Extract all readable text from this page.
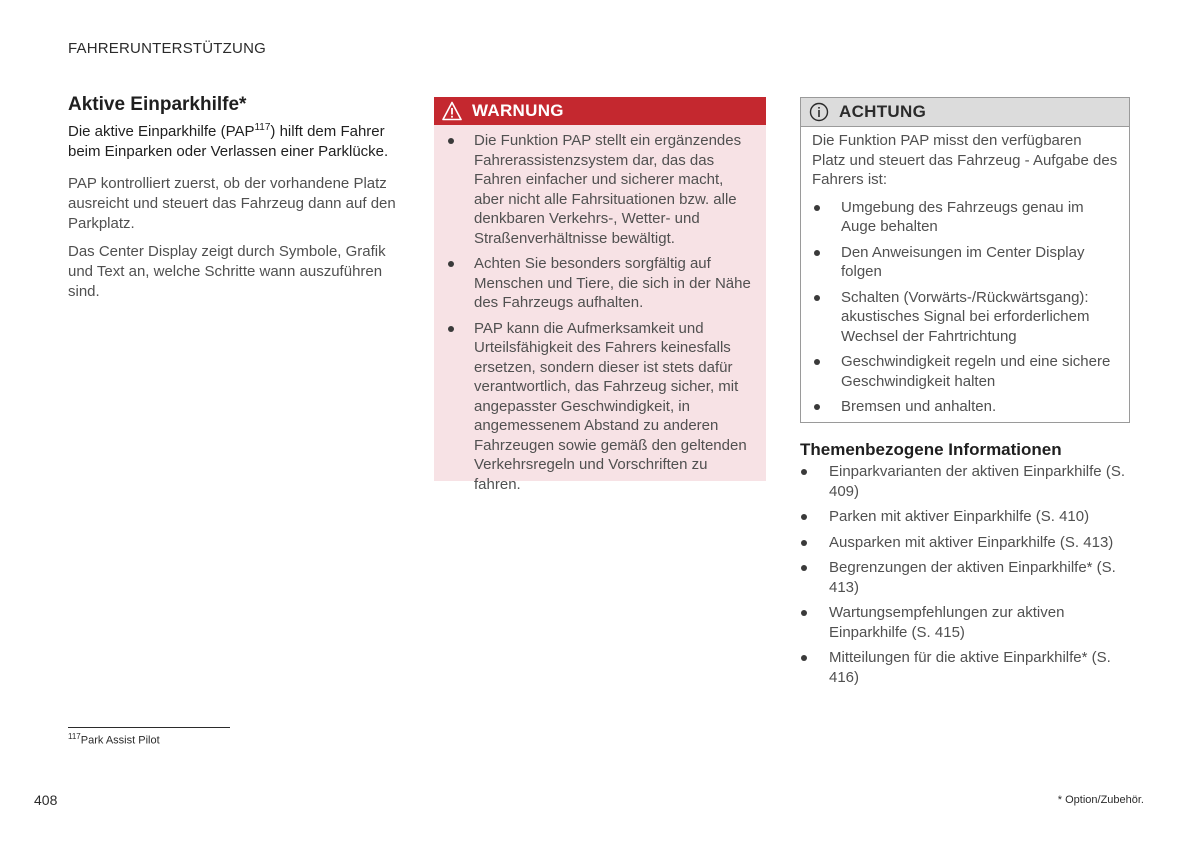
FAHRERUNTERSTÜTZUNG
Aktive Einparkhilfe*

Die aktive Einparkhilfe (PAP$^{117}$) hilft dem Fahrer beim Einparken oder Verlassen einer Parklücke.

PAP kontrolliert zuerst, ob der vorhandene Platz ausreicht und steuert das Fahrzeug dann auf den Parkplatz.

Das Center Display zeigt durch Symbole, Grafik und Text an, welche Schritte wann auszuführen sind.

WARNUNG
Die Funktion PAP stellt ein ergänzendes Fahrerassistenzsystem dar, das das Fahren einfacher und sicherer macht, aber nicht alle Fahrsituationen bzw. alle denkbaren Verkehrs-, Wetter- und Straßenverhältnisse bewältigt.
Achten Sie besonders sorgfältig auf Menschen und Tiere, die sich in der Nähe des Fahrzeugs aufhalten.
PAP kann die Aufmerksamkeit und Urteilsfähigkeit des Fahrers keinesfalls ersetzen, sondern dieser ist stets dafür verantwortlich, das Fahrzeug sicher, mit angepasster Geschwindigkeit, in angemessenem Abstand zu anderen Fahrzeugen sowie gemäß den geltenden Verkehrsregeln und Vorschriften zu fahren.
ACHTUNG

Die Funktion PAP misst den verfügbaren Platz und steuert das Fahrzeug - Aufgabe des Fahrers ist:

Umgebung des Fahrzeugs genau im Auge behalten
Den Anweisungen im Center Display folgen
Schalten (Vorwärts-/Rückwärtsgang): akustisches Signal bei erforderlichem Wechsel der Fahrtrichtung
Geschwindigkeit regeln und eine sichere Geschwindigkeit halten
Bremsen und anhalten.
Themenbezogene Informationen
Einparkvarianten der aktiven Einparkhilfe (S. 409)
Parken mit aktiver Einparkhilfe (S. 410)
Ausparken mit aktiver Einparkhilfe (S. 413)
Begrenzungen der aktiven Einparkhilfe* (S. 413)
Wartungsempfehlungen zur aktiven Einparkhilfe (S. 415)
Mitteilungen für die aktive Einparkhilfe* (S. 416)
$^{117}$Park Assist Pilot
408	* Option/Zubehör.
